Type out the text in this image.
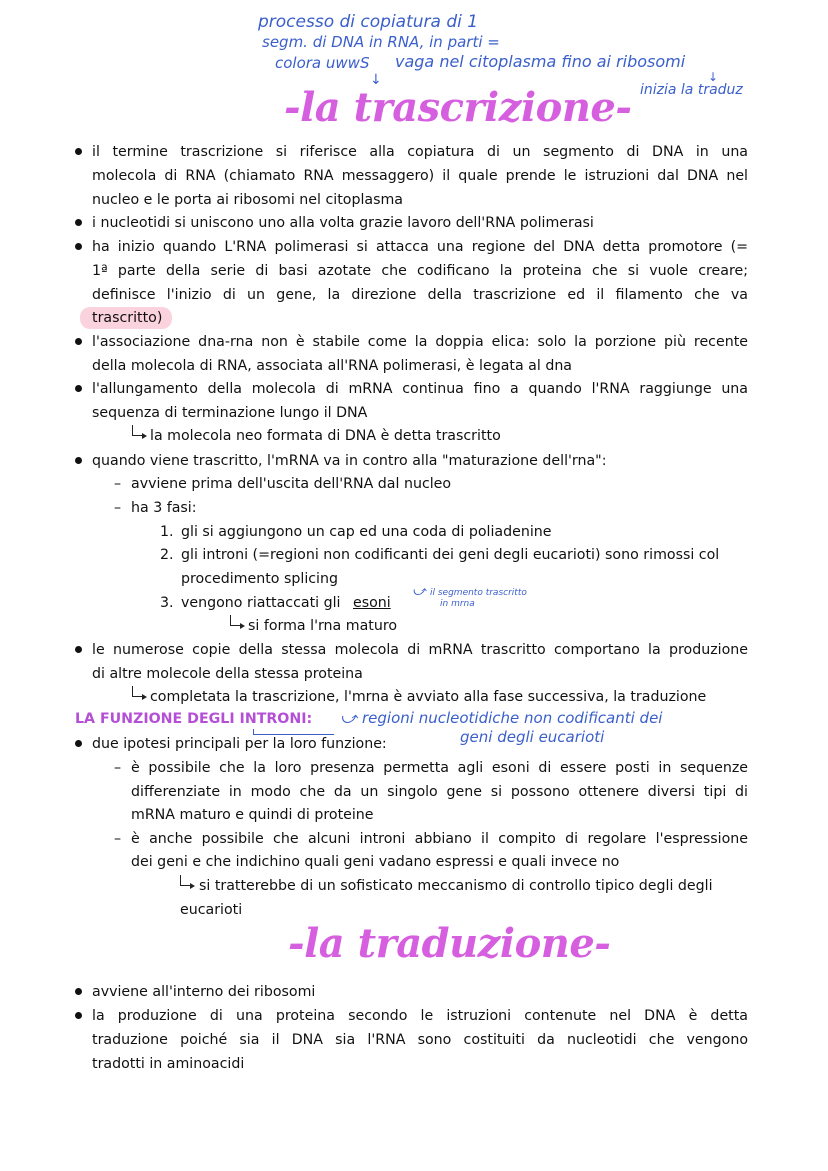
processo di copiatura di 1
segm. di DNA in RNA, in parti =
colora uwwS vaga nel citoplasma fino ai ribosomi
inizia la traduz
↓	↓
-la trascrizione-
il termine trascrizione si riferisce alla copiatura di un segmento di DNA in una
molecola di RNA (chiamato RNA messaggero) il quale prende le istruzioni dal DNA nel
nucleo e le porta ai ribosomi nel citoplasma
i nucleotidi si uniscono uno alla volta grazie lavoro dell'RNA polimerasi
ha inizio quando L'RNA polimerasi si attacca una regione del DNA detta promotore (=
1ª parte della serie di basi azotate che codificano la proteina che si vuole creare;
definisce l'inizio di un gene, la direzione della trascrizione ed il filamento che va
trascritto)
l'associazione dna-rna non è stabile come la doppia elica: solo la porzione più recente
della molecola di RNA, associata all'RNA polimerasi, è legata al dna
l'allungamento della molecola di mRNA continua fino a quando l'RNA raggiunge una
sequenza di terminazione lungo il DNA
la molecola neo formata di DNA è detta trascritto
quando viene trascritto, l'mRNA va in contro alla "maturazione dell'rna":
– avviene prima dell'uscita dell'RNA dal nucleo
– ha 3 fasi:
1. gli si aggiungono un cap ed una coda di poliadenine
2. gli introni (=regioni non codificanti dei geni degli eucarioti) sono rimossi col
procedimento splicing
3. vengono riattaccati gli esoni
⤻ il segmento trascritto
in mrna
si forma l'rna maturo
le numerose copie della stessa molecola di mRNA trascritto comportano la produzione
di altre molecole della stessa proteina
completata la trascrizione, l'mrna è avviato alla fase successiva, la traduzione
LA FUNZIONE DEGLI INTRONI: ⤻ regioni nucleotidiche non codificanti dei
geni degli eucarioti
due ipotesi principali per la loro funzione:
– è possibile che la loro presenza permetta agli esoni di essere posti in sequenze
differenziate in modo che da un singolo gene si possono ottenere diversi tipi di
mRNA maturo e quindi di proteine
– è anche possibile che alcuni introni abbiano il compito di regolare l'espressione
dei geni e che indichino quali geni vadano espressi e quali invece no
si tratterebbe di un sofisticato meccanismo di controllo tipico degli degli
eucarioti
-la traduzione-
avviene all'interno dei ribosomi
la produzione di una proteina secondo le istruzioni contenute nel DNA è detta
traduzione poiché sia il DNA sia l'RNA sono costituiti da nucleotidi che vengono
tradotti in aminoacidi
